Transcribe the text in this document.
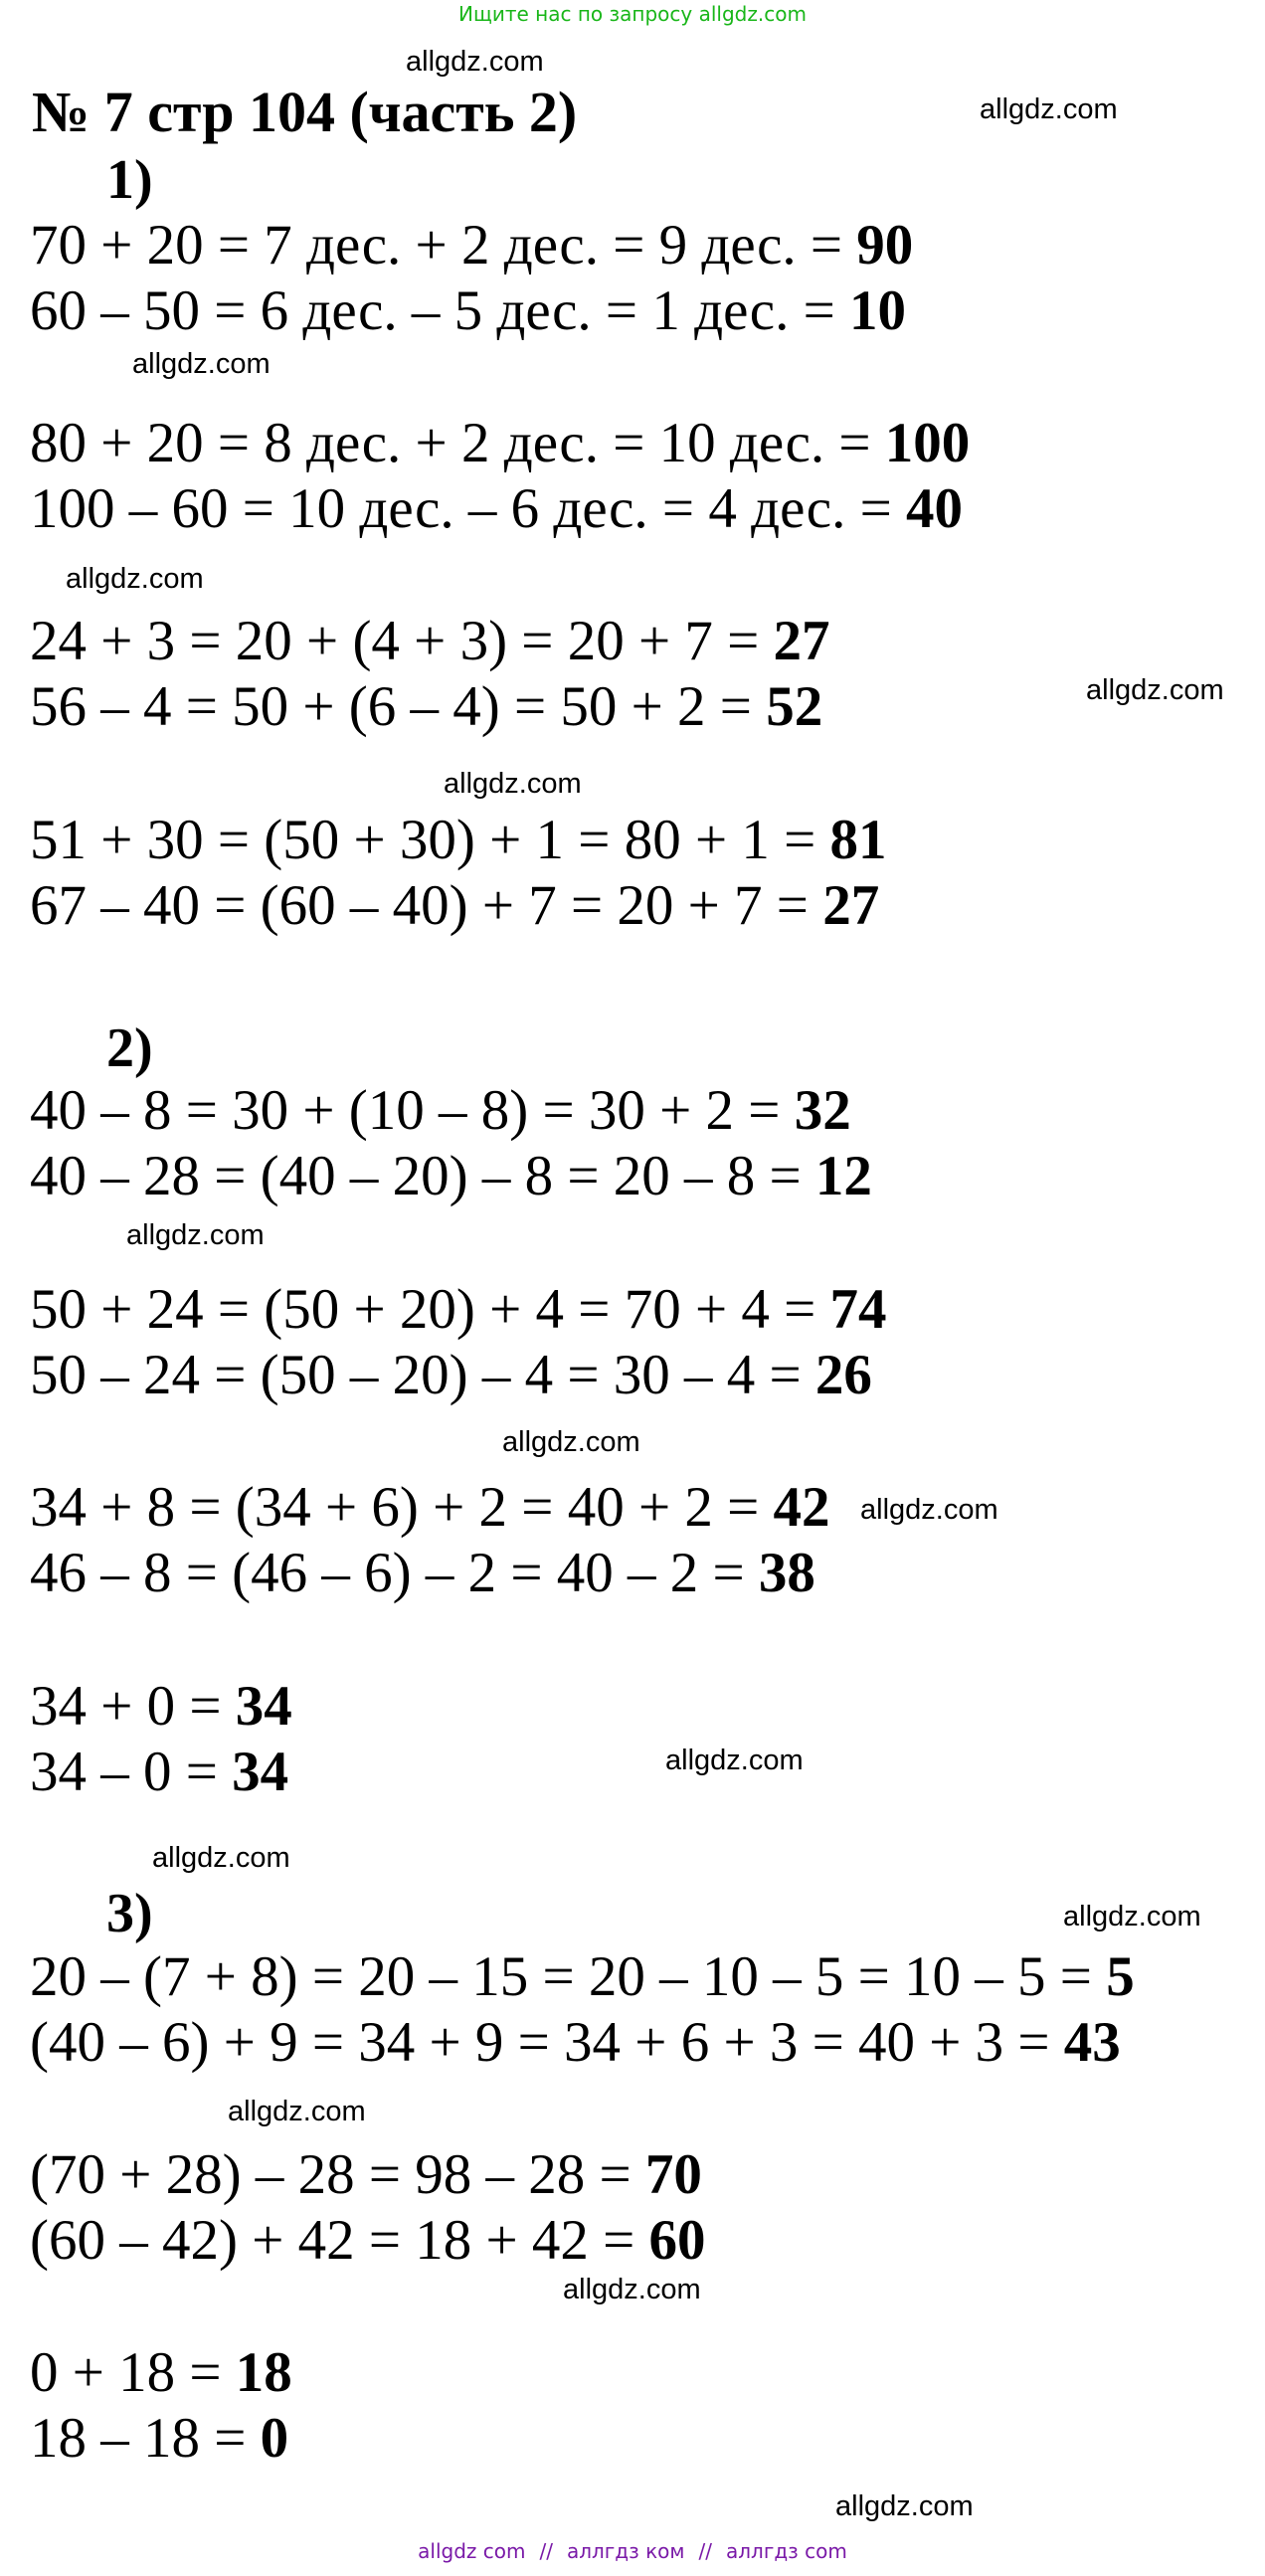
Ищите нас по запросу allgdz.com
№ 7 стр 104 (часть 2)
1)
70 + 20 = 7 дес. + 2 дес. = 9 дес. = 90
60 – 50 = 6 дес. – 5 дес. = 1 дес. = 10
80 + 20 = 8 дес. + 2 дес. = 10 дес. = 100
100 – 60 = 10 дес. – 6 дес. = 4 дес. = 40
24 + 3 = 20 + (4 + 3) = 20 + 7 = 27
56 – 4 = 50 + (6 – 4) = 50 + 2 = 52
51 + 30 = (50 + 30) + 1 = 80 + 1 = 81
67 – 40 = (60 – 40) + 7 = 20 + 7 = 27
2)
40 – 8 = 30 + (10 – 8) = 30 + 2 = 32
40 – 28 = (40 – 20) – 8 = 20 – 8 = 12
50 + 24 = (50 + 20) + 4 = 70 + 4 = 74
50 – 24 = (50 – 20) – 4 = 30 – 4 = 26
34 + 8 = (34 + 6) + 2 = 40 + 2 = 42
46 – 8 = (46 – 6) – 2 = 40 – 2 = 38
34 + 0 = 34
34 – 0 = 34
3)
20 – (7 + 8) = 20 – 15 = 20 – 10 – 5 = 10 – 5 = 5
(40 – 6) + 9 = 34 + 9 = 34 + 6 + 3 = 40 + 3 = 43
(70 + 28) – 28 = 98 – 28 = 70
(60 – 42) + 42 = 18 + 42 = 60
0 + 18 = 18
18 – 18 = 0
allgdz.com
allgdz.com
allgdz.com
allgdz.com
allgdz.com
allgdz.com
allgdz.com
allgdz.com
allgdz.com
allgdz.com
allgdz.com
allgdz.com
allgdz.com
allgdz.com
allgdz.com
allgdz com // аллгдз ком // аллгдз com
